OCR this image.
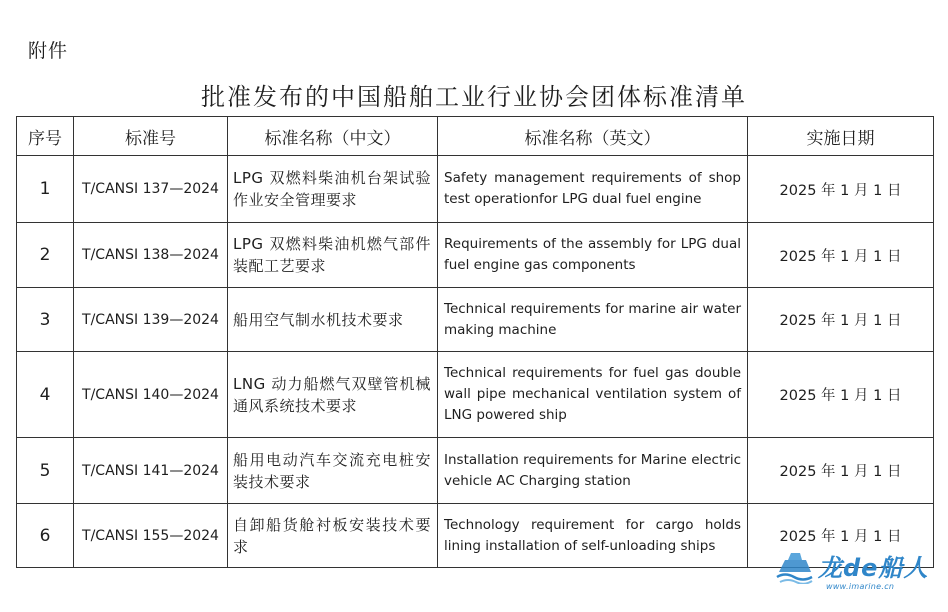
附件
批准发布的中国船舶工业行业协会团体标准清单
序号	标准号	标准名称（中文）	标准名称（英文）	实施日期
1	T/CANSI 137—2024	LPG 双燃料柴油机台架试验作业安全管理要求	Safety management requirements of shop test operationfor LPG dual fuel engine	2025 年 1 月 1 日
2	T/CANSI 138—2024	LPG 双燃料柴油机燃气部件装配工艺要求	Requirements of the assembly for LPG dual fuel engine gas components	2025 年 1 月 1 日
3	T/CANSI 139—2024	船用空气制水机技术要求	Technical requirements for marine air water making machine	2025 年 1 月 1 日
4	T/CANSI 140—2024	LNG 动力船燃气双壁管机械通风系统技术要求	Technical requirements for fuel gas double wall pipe mechanical ventilation system of LNG powered ship	2025 年 1 月 1 日
5	T/CANSI 141—2024	船用电动汽车交流充电桩安装技术要求	Installation requirements for Marine electric vehicle AC Charging station	2025 年 1 月 1 日
6	T/CANSI 155—2024	自卸船货舱衬板安装技术要求	Technology requirement for cargo holds lining installation of self-unloading ships	2025 年 1 月 1 日
龙de船人
www.imarine.cn
